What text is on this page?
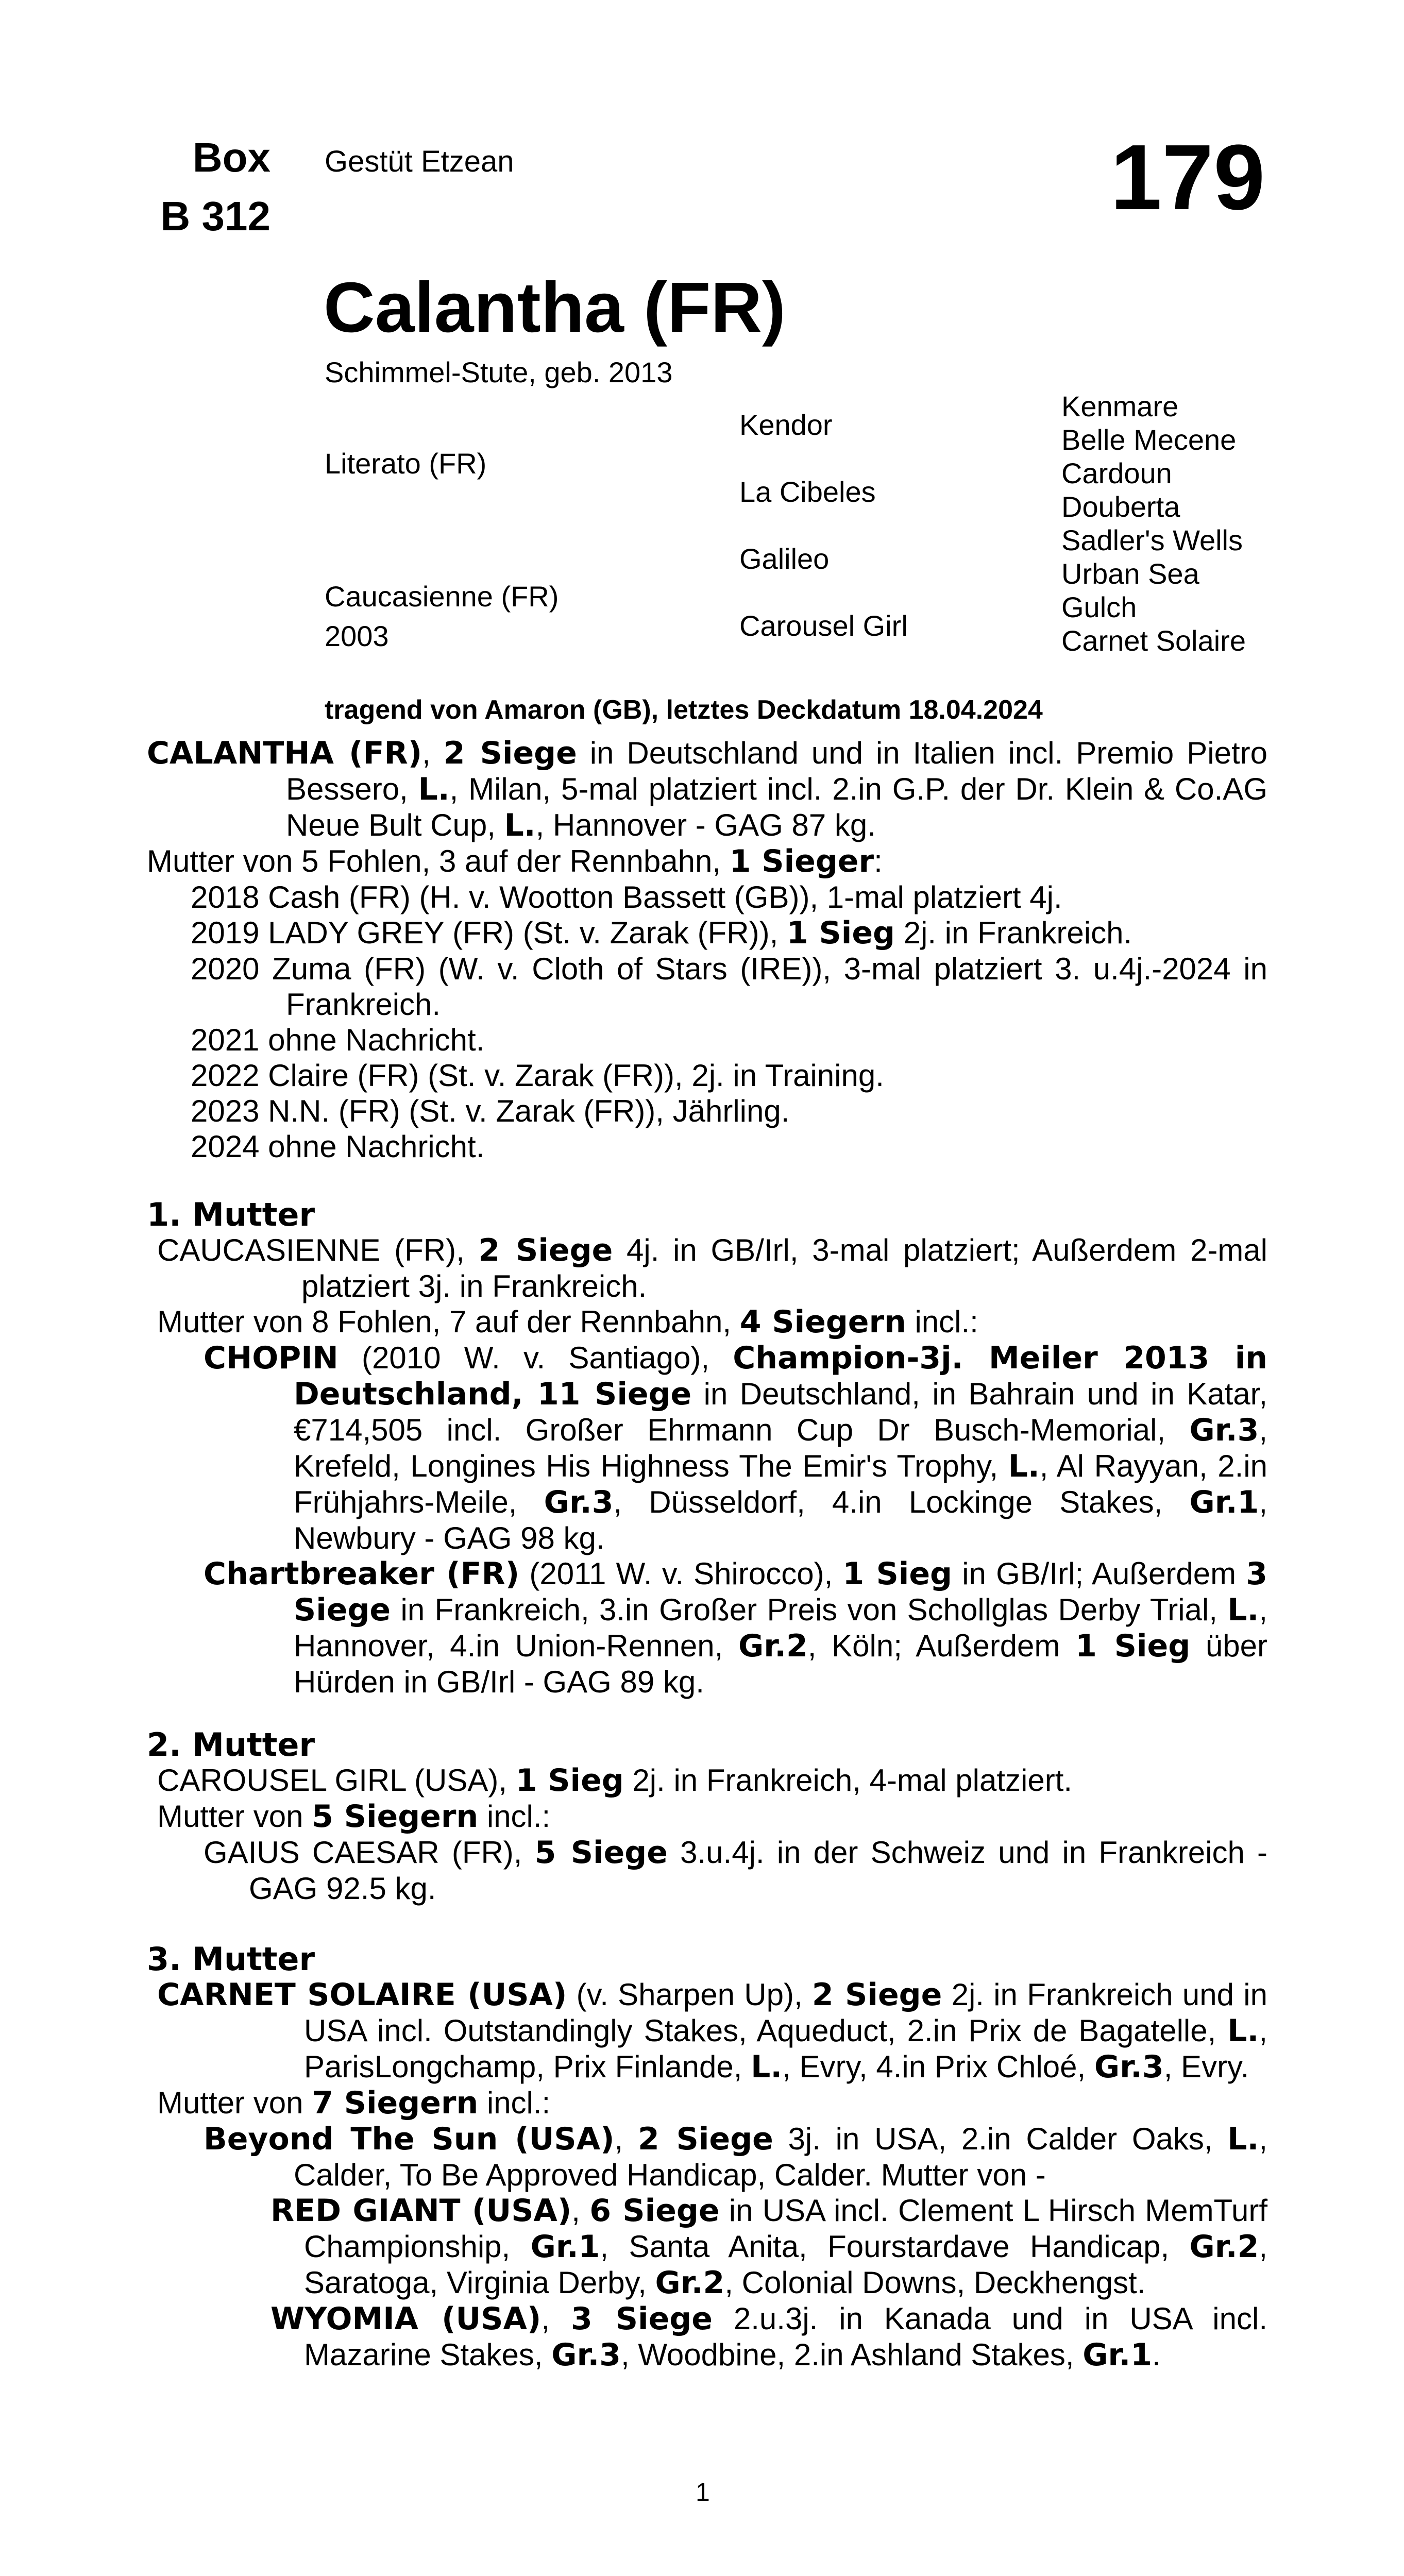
Box
B 312
Gestüt Etzean	179
Calantha (FR)
Schimmel-Stute, geb. 2013
Literato (FR)
Caucasienne (FR)
2003
Kendor
La Cibeles
Galileo
Carousel Girl
Kenmare
Belle Mecene
Cardoun
Douberta
Sadler's Wells
Urban Sea
Gulch
Carnet Solaire
tragend von Amaron (GB), letztes Deckdatum 18.04.2024

CALANTHA (FR), 2 Siege in Deutschland und in Italien incl. Premio Pietro Bessero, L., Milan, 5-mal platziert incl. 2.in G.P. der Dr. Klein & Co.AG Neue Bult Cup, L., Hannover - GAG 87 kg.

Mutter von 5 Fohlen, 3 auf der Rennbahn, 1 Sieger:

2018 Cash (FR) (H. v. Wootton Bassett (GB)), 1-mal platziert 4j.

2019 LADY GREY (FR) (St. v. Zarak (FR)), 1 Sieg 2j. in Frankreich.

2020 Zuma (FR) (W. v. Cloth of Stars (IRE)), 3-mal platziert 3. u.4j.-2024 in Frankreich.

2021 ohne Nachricht.

2022 Claire (FR) (St. v. Zarak (FR)), 2j. in Training.

2023 N.N. (FR) (St. v. Zarak (FR)), Jährling.

2024 ohne Nachricht.

1. Mutter

CAUCASIENNE (FR), 2 Siege 4j. in GB/Irl, 3-mal platziert; Außerdem 2-mal platziert 3j. in Frankreich.

Mutter von 8 Fohlen, 7 auf der Rennbahn, 4 Siegern incl.:

CHOPIN (2010 W. v. Santiago), Champion-3j. Meiler 2013 in Deutschland, 11 Siege in Deutschland, in Bahrain und in Katar, €714,505 incl. Großer Ehrmann Cup Dr Busch-Memorial, Gr.3, Krefeld, Longines His Highness The Emir's Trophy, L., Al Rayyan, 2.in Frühjahrs-Meile, Gr.3, Düsseldorf, 4.in Lockinge Stakes, Gr.1, Newbury - GAG 98 kg.

Chartbreaker (FR) (2011 W. v. Shirocco), 1 Sieg in GB/Irl; Außerdem 3 Siege in Frankreich, 3.in Großer Preis von Schollglas Derby Trial, L., Hannover, 4.in Union-Rennen, Gr.2, Köln; Außerdem 1 Sieg über Hürden in GB/Irl - GAG 89 kg.

2. Mutter

CAROUSEL GIRL (USA), 1 Sieg 2j. in Frankreich, 4-mal platziert.

Mutter von 5 Siegern incl.:

GAIUS CAESAR (FR), 5 Siege 3.u.4j. in der Schweiz und in Frankreich - GAG 92.5 kg.

3. Mutter

CARNET SOLAIRE (USA) (v. Sharpen Up), 2 Siege 2j. in Frankreich und in USA incl. Outstandingly Stakes, Aqueduct, 2.in Prix de Bagatelle, L., ParisLongchamp, Prix Finlande, L., Evry, 4.in Prix Chloé, Gr.3, Evry.

Mutter von 7 Siegern incl.:

Beyond The Sun (USA), 2 Siege 3j. in USA, 2.in Calder Oaks, L., Calder, To Be Approved Handicap, Calder. Mutter von -

RED GIANT (USA), 6 Siege in USA incl. Clement L Hirsch MemTurf Championship, Gr.1, Santa Anita, Fourstardave Handicap, Gr.2, Saratoga, Virginia Derby, Gr.2, Colonial Downs, Deckhengst.

WYOMIA (USA), 3 Siege 2.u.3j. in Kanada und in USA incl. Mazarine Stakes, Gr.3, Woodbine, 2.in Ashland Stakes, Gr.1.

1
